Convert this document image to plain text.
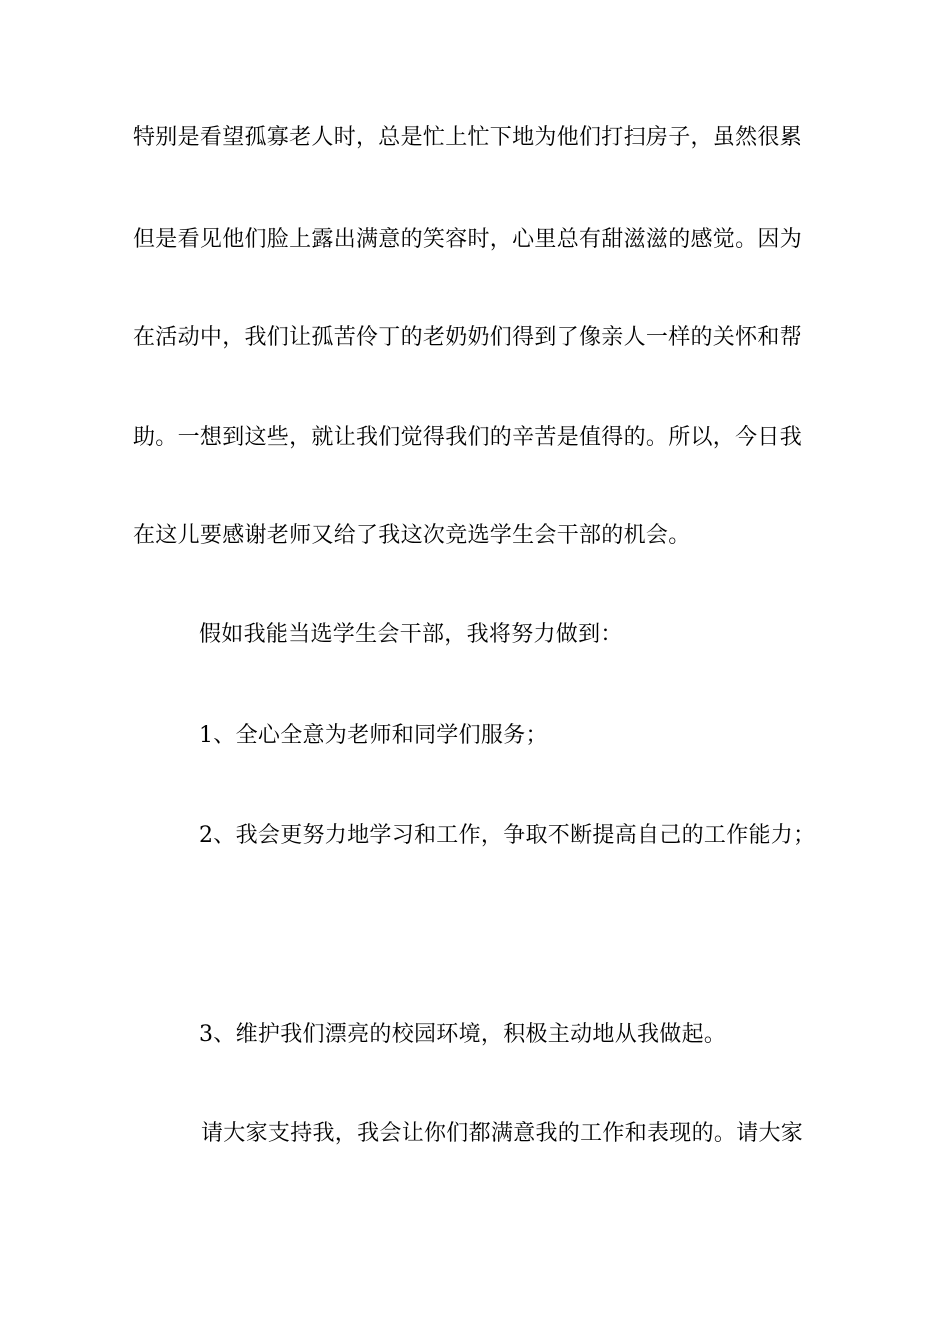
特别是看望孤寡老人时，总是忙上忙下地为他们打扫房子，虽然很累
但是看见他们脸上露出满意的笑容时，心里总有甜滋滋的感觉。因为
在活动中，我们让孤苦伶丁的老奶奶们得到了像亲人一样的关怀和帮
助。一想到这些，就让我们觉得我们的辛苦是值得的。所以，今日我
在这儿要感谢老师又给了我这次竞选学生会干部的机会。
假如我能当选学生会干部，我将努力做到：
1、全心全意为老师和同学们服务；
2、我会更努力地学习和工作，争取不断提高自己的工作能力；
3、维护我们漂亮的校园环境，积极主动地从我做起。
请大家支持我，我会让你们都满意我的工作和表现的。请大家
